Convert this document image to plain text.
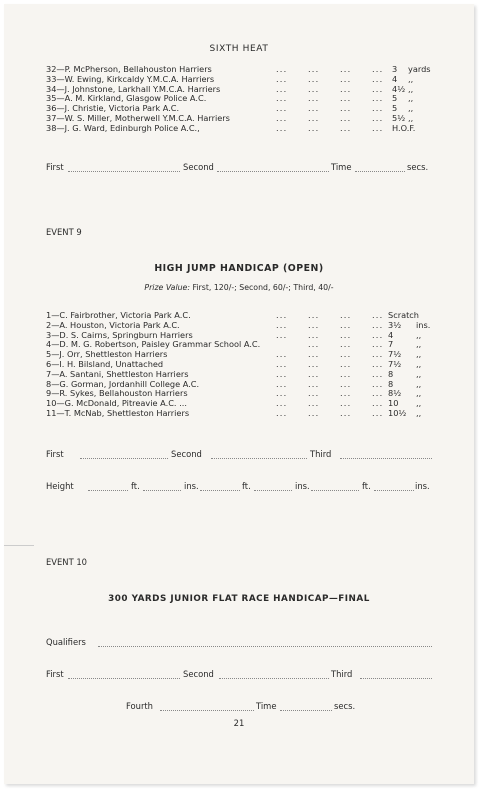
SIXTH HEAT
32—P. McPherson, Bellahouston Harriers	...	...	...	... 3 yards
33—W. Ewing, Kirkcaldy Y.M.C.A. Harriers	...	...	...	... 4 ,,
34—J. Johnstone, Larkhall Y.M.C.A. Harriers	...	...	...	... 4½ ,,
35—A. M. Kirkland, Glasgow Police A.C.	...	...	...	... 5 ,,
36—J. Christie, Victoria Park A.C.	...	...	...	... 5 ,,
37—W. S. Miller, Motherwell Y.M.C.A. Harriers	...	...	...	... 5½ ,,
38—J. G. Ward, Edinburgh Police A.C.,	...	...	...	... H.O.F.
First	Second	Time	secs.
EVENT 9
HIGH JUMP HANDICAP (OPEN)
Prize Value: First, 120/-; Second, 60/-; Third, 40/-
1—C. Fairbrother, Victoria Park A.C.	...	...	...	... Scratch
2—A. Houston, Victoria Park A.C.	...	...	...	... 3½ ins.
3—D. S. Cairns, Springburn Harriers	...	...	...	... 4	,,
4—D. M. G. Robertson, Paisley Grammar School A.C.	...	...	... 7	,,
5—J. Orr, Shettleston Harriers	...	...	...	... 7½ ,,
6—I. H. Bilsland, Unattached	...	...	...	... 7½ ,,
7—A. Santani, Shettleston Harriers	...	...	...	... 8	,,
8—G. Gorman, Jordanhill College A.C.	...	...	...	... 8	,,
9—R. Sykes, Bellahouston Harriers	...	...	...	... 8½ ,,
10—G. McDonald, Pitreavie A.C. ...	...	...	...	... 10 ,,
11—T. McNab, Shettleston Harriers	...	...	...	... 10½ ,,
First	Second	Third
Height	ft.	ins.	ft.	ins.	ft.	ins.
EVENT 10
300 YARDS JUNIOR FLAT RACE HANDICAP—FINAL
Qualifiers
First	Second	Third
Fourth	Time	secs.
21
